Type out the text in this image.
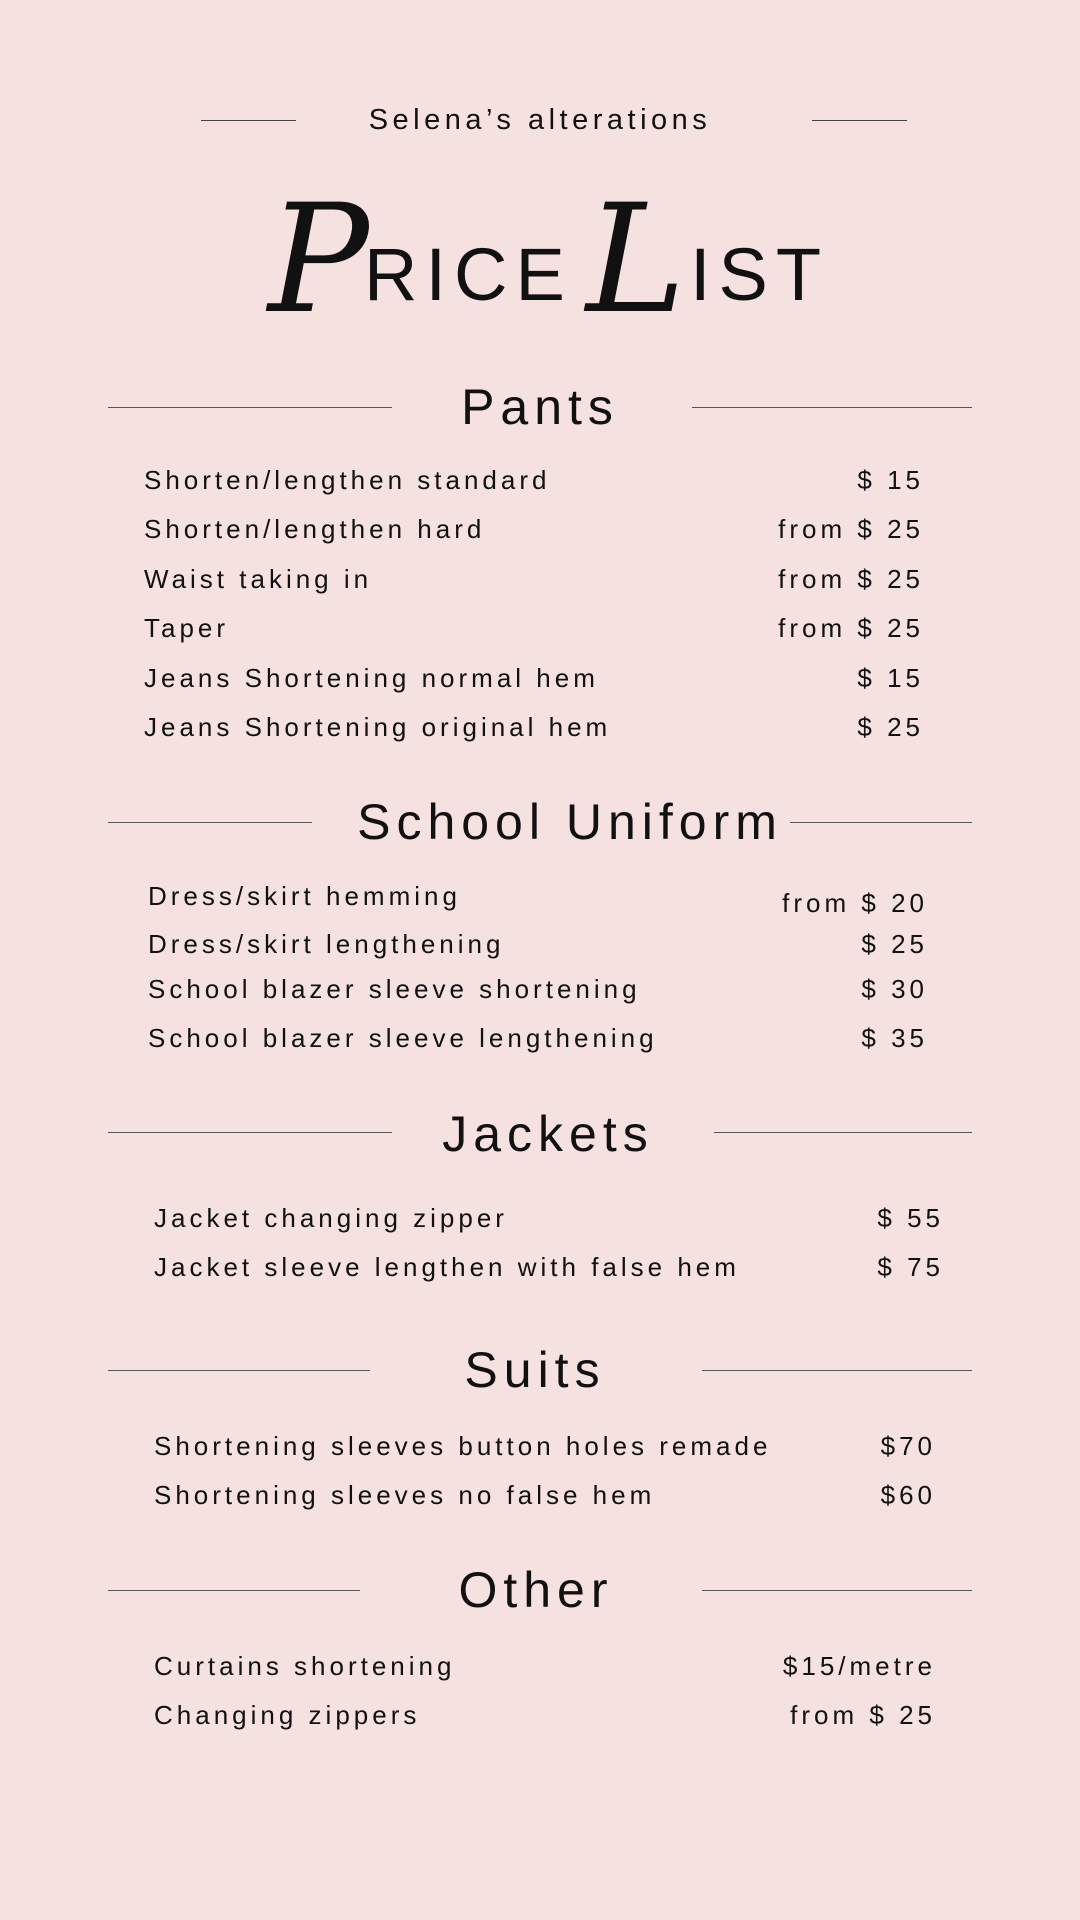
Selena’s alterations
P
RICE L IST
Pants
Shorten/lengthen standard	$ 15
Shorten/lengthen hard	from $ 25
Waist taking in	from $ 25
Taper	from $ 25
Jeans Shortening normal hem	$ 15
Jeans Shortening original hem	$ 25
School Uniform
Dress/skirt hemming	from $ 20
Dress/skirt lengthening	$ 25
School blazer sleeve shortening	$ 30
School blazer sleeve lengthening	$ 35
Jackets
Jacket changing zipper	$ 55
Jacket sleeve lengthen with false hem	$ 75
Suits
Shortening sleeves button holes remade	$70
Shortening sleeves no false hem	$60
Other
Curtains shortening	$15/metre
Changing zippers	from $ 25
